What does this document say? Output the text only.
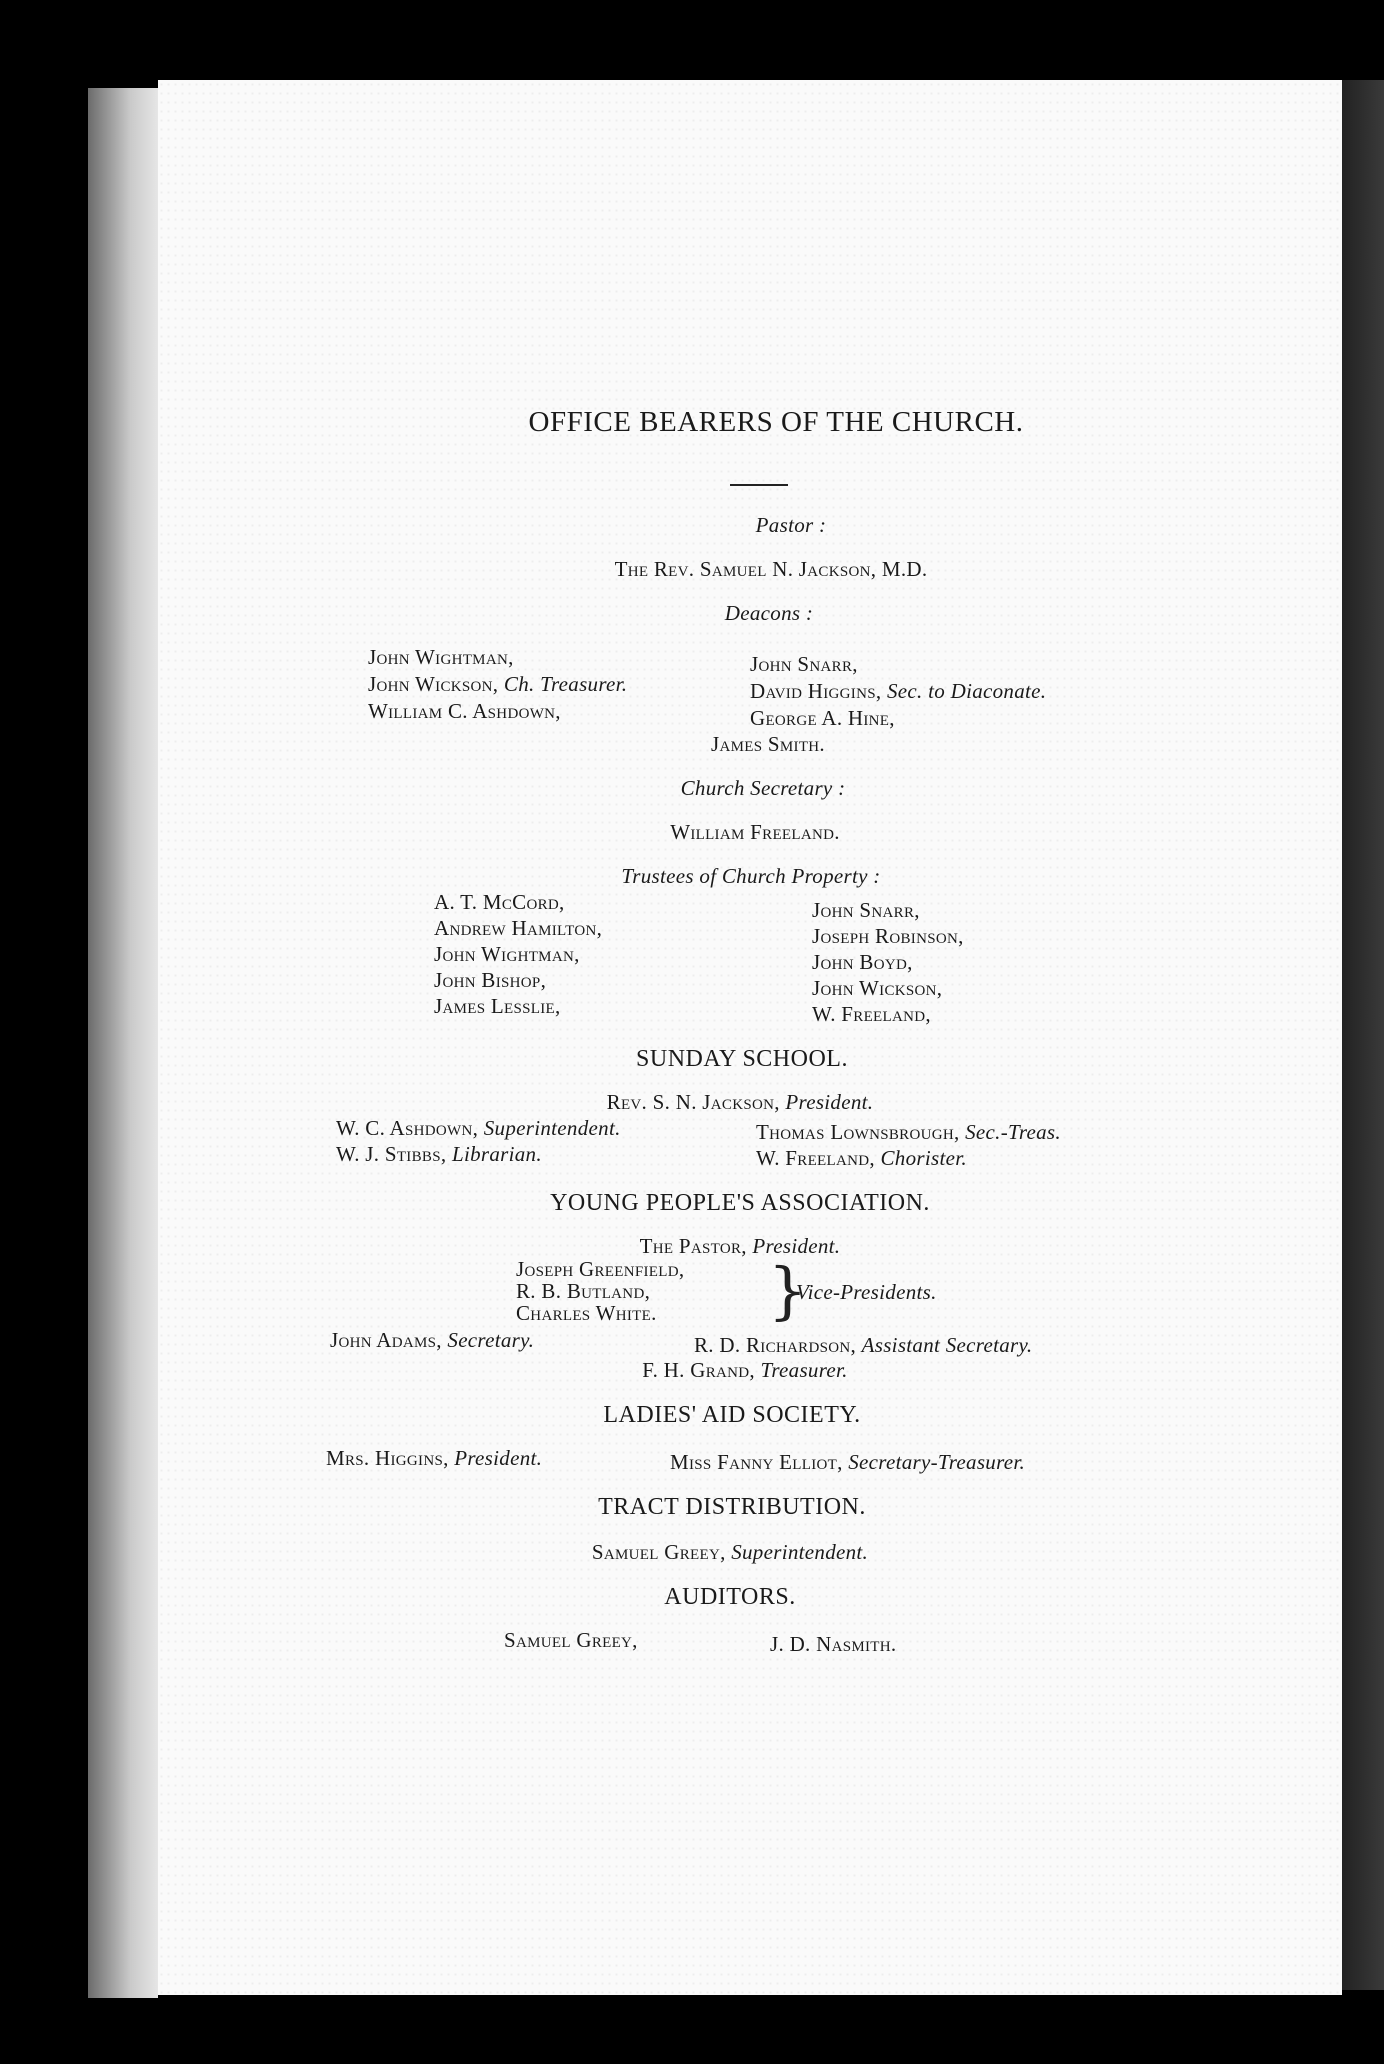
OFFICE BEARERS OF THE CHURCH.
Pastor :
The Rev. Samuel N. Jackson, M.D.
Deacons :
John Wightman,
John Wickson, Ch. Treasurer.
William C. Ashdown,
John Snarr,
David Higgins, Sec. to Diaconate.
George A. Hine,
James Smith.
Church Secretary :
William Freeland.
Trustees of Church Property :
A. T. McCord,
Andrew Hamilton,
John Wightman,
John Bishop,
James Lesslie,
John Snarr,
Joseph Robinson,
John Boyd,
John Wickson,
W. Freeland,
SUNDAY SCHOOL.
Rev. S. N. Jackson, President.
W. C. Ashdown, Superintendent.
W. J. Stibbs, Librarian.
Thomas Lownsbrough, Sec.-Treas.
W. Freeland, Chorister.
YOUNG PEOPLE'S ASSOCIATION.
The Pastor, President.
Joseph Greenfield,
R. B. Butland,
Charles White. }
Vice-Presidents.
John Adams, Secretary.	R. D. Richardson, Assistant Secretary.
F. H. Grand, Treasurer.
LADIES' AID SOCIETY.
Mrs. Higgins, President.	Miss Fanny Elliot, Secretary-Treasurer.
TRACT DISTRIBUTION.
Samuel Greey, Superintendent.
AUDITORS.
Samuel Greey,	J. D. Nasmith.
